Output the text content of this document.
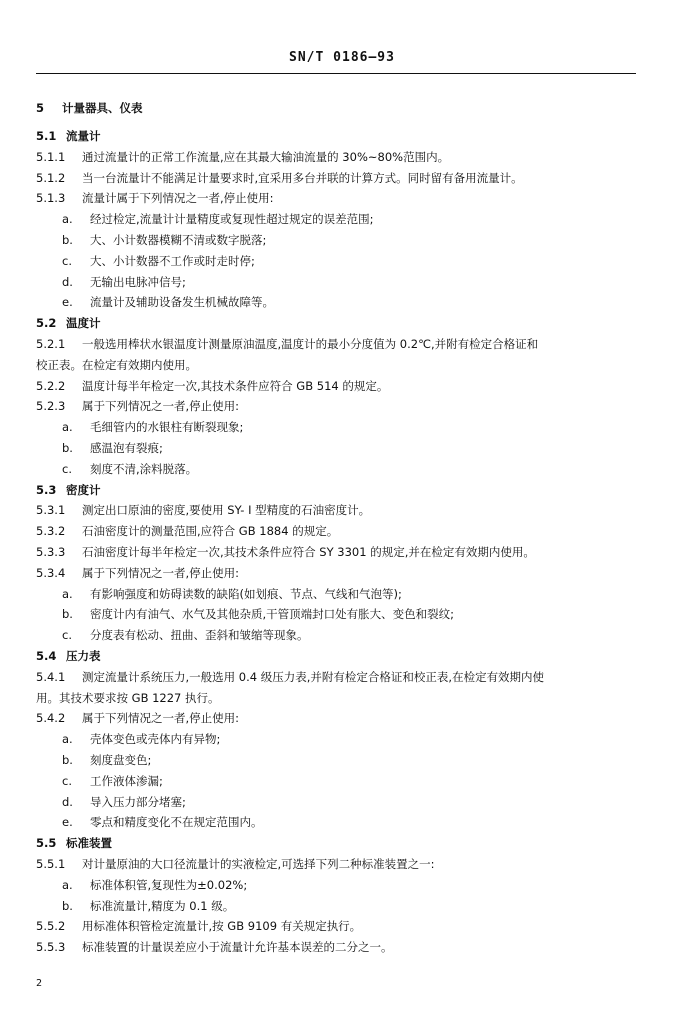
SN/T 0186—93
5 计量器具、仪表
5.1 流量计
5.1.1 通过流量计的正常工作流量,应在其最大输油流量的 30%~80%范围内。
5.1.2 当一台流量计不能满足计量要求时,宜采用多台并联的计算方式。同时留有备用流量计。
5.1.3 流量计属于下列情况之一者,停止使用:
a. 经过检定,流量计计量精度或复现性超过规定的误差范围;
b. 大、小计数器模糊不清或数字脱落;
c. 大、小计数器不工作或时走时停;
d. 无输出电脉冲信号;
e. 流量计及辅助设备发生机械故障等。
5.2 温度计
5.2.1 一般选用棒状水银温度计测量原油温度,温度计的最小分度值为 0.2℃,并附有检定合格证和
校正表。在检定有效期内使用。
5.2.2 温度计每半年检定一次,其技术条件应符合 GB 514 的规定。
5.2.3 属于下列情况之一者,停止使用:
a. 毛细管内的水银柱有断裂现象;
b. 感温泡有裂痕;
c. 刻度不清,涂料脱落。
5.3 密度计
5.3.1 测定出口原油的密度,要使用 SY- I 型精度的石油密度计。
5.3.2 石油密度计的测量范围,应符合 GB 1884 的规定。
5.3.3 石油密度计每半年检定一次,其技术条件应符合 SY 3301 的规定,并在检定有效期内使用。
5.3.4 属于下列情况之一者,停止使用:
a. 有影响强度和妨碍读数的缺陷(如划痕、节点、气线和气泡等);
b. 密度计内有油气、水气及其他杂质,干管顶端封口处有胀大、变色和裂纹;
c. 分度表有松动、扭曲、歪斜和皱缩等现象。
5.4 压力表
5.4.1 测定流量计系统压力,一般选用 0.4 级压力表,并附有检定合格证和校正表,在检定有效期内使
用。其技术要求按 GB 1227 执行。
5.4.2 属于下列情况之一者,停止使用:
a. 壳体变色或壳体内有异物;
b. 刻度盘变色;
c. 工作液体渗漏;
d. 导入压力部分堵塞;
e. 零点和精度变化不在规定范围内。
5.5 标准装置
5.5.1 对计量原油的大口径流量计的实液检定,可选择下列二种标准装置之一:
a. 标准体积管,复现性为±0.02%;
b. 标准流量计,精度为 0.1 级。
5.5.2 用标准体积管检定流量计,按 GB 9109 有关规定执行。
5.5.3 标准装置的计量误差应小于流量计允许基本误差的二分之一。
2
